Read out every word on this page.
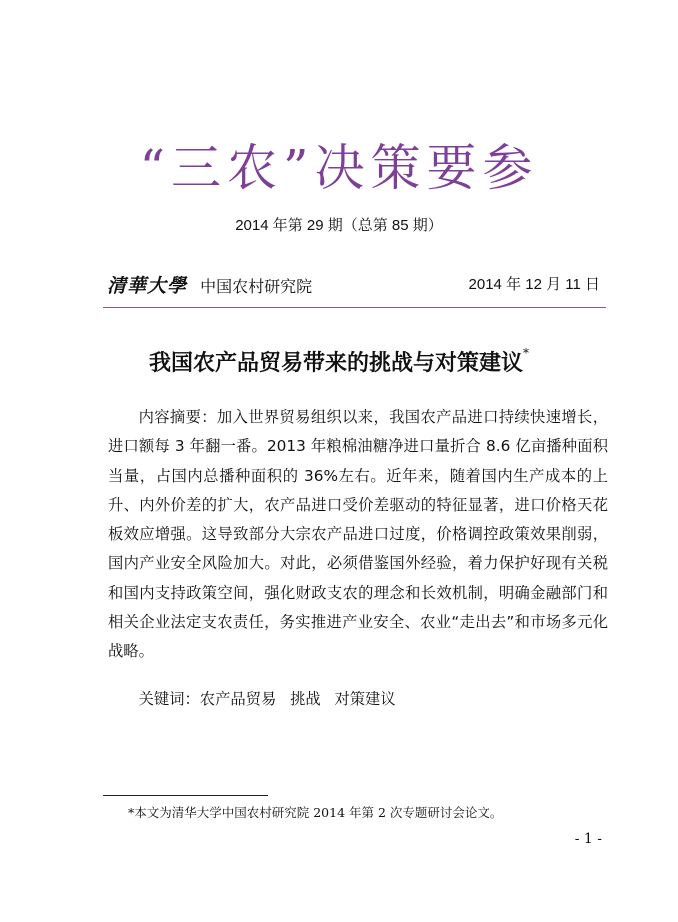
“三农”决策要参
2014 年第 29 期（总第 85 期）
清華大學 中国农村研究院	2014 年 12 月 11 日
我国农产品贸易带来的挑战与对策建议*

内容摘要：加入世界贸易组织以来，我国农产品进口持续快速增长，进口额每 3 年翻一番。2013 年粮棉油糖净进口量折合 8.6 亿亩播种面积当量，占国内总播种面积的 36%左右。近年来，随着国内生产成本的上升、内外价差的扩大，农产品进口受价差驱动的特征显著，进口价格天花板效应增强。这导致部分大宗农产品进口过度，价格调控政策效果削弱，国内产业安全风险加大。对此，必须借鉴国外经验，着力保护好现有关税和国内支持政策空间，强化财政支农的理念和长效机制，明确金融部门和相关企业法定支农责任，务实推进产业安全、农业“走出去”和市场多元化战略。

关键词：农产品贸易 挑战 对策建议
*本文为清华大学中国农村研究院 2014 年第 2 次专题研讨会论文。
- 1 -
